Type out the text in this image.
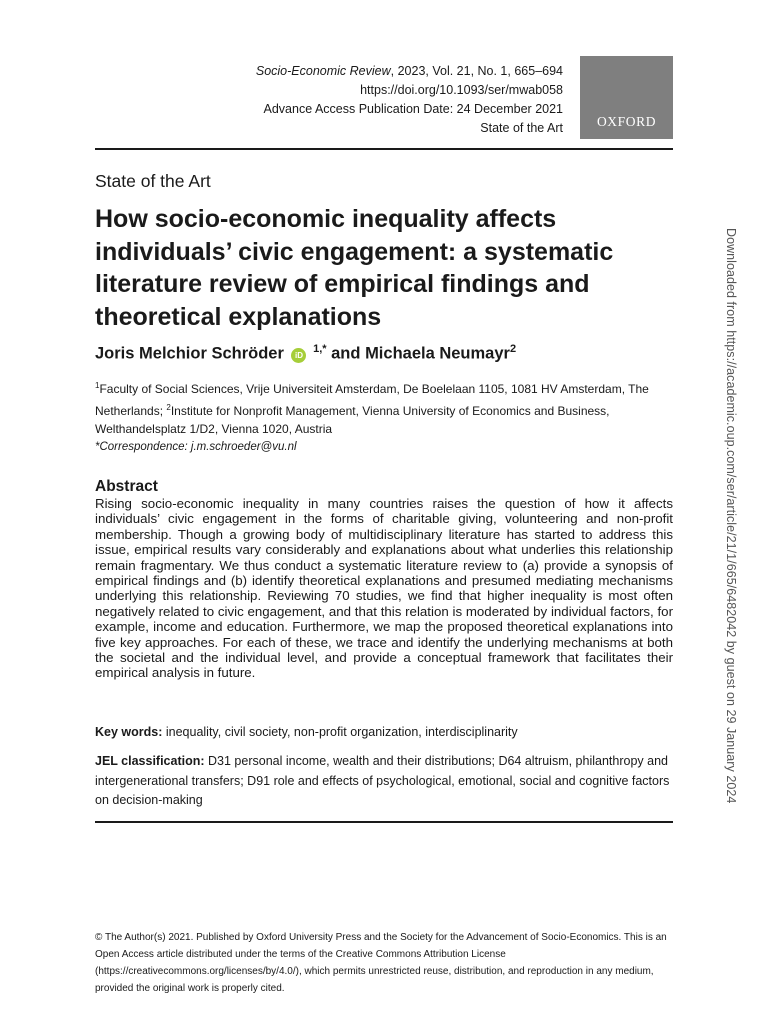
Socio-Economic Review, 2023, Vol. 21, No. 1, 665–694
https://doi.org/10.1093/ser/mwab058
Advance Access Publication Date: 24 December 2021
State of the Art	OXFORD
State of the Art
How socio-economic inequality affects individuals’ civic engagement: a systematic literature review of empirical findings and theoretical explanations
Joris Melchior Schröder iD $^{1,*}$ and Michaela Neumayr$^2$
$^1$Faculty of Social Sciences, Vrije Universiteit Amsterdam, De Boelelaan 1105, 1081 HV Amsterdam, The Netherlands; $^2$Institute for Nonprofit Management, Vienna University of Economics and Business, Welthandelsplatz 1/D2, Vienna 1020, Austria
*Correspondence: j.m.schroeder@vu.nl
Abstract

Rising socio-economic inequality in many countries raises the question of how it affects individuals’ civic engagement in the forms of charitable giving, volunteering and non-profit membership. Though a growing body of multidisciplinary literature has started to address this issue, empirical results vary considerably and explanations about what underlies this relationship remain fragmentary. We thus conduct a systematic literature review to (a) provide a synopsis of empirical findings and (b) identify theoretical explanations and presumed mediating mechanisms underlying this relationship. Reviewing 70 studies, we find that higher inequality is most often negatively related to civic engagement, and that this relation is moderated by individual factors, for example, income and education. Furthermore, we map the proposed theoretical explanations into five key approaches. For each of these, we trace and identify the underlying mechanisms at both the societal and the individual level, and provide a conceptual framework that facilitates their empirical analysis in future.

Key words: inequality, civil society, non-profit organization, interdisciplinarity
JEL classification: D31 personal income, wealth and their distributions; D64 altruism, philanthropy and intergenerational transfers; D91 role and effects of psychological, emotional, social and cognitive factors on decision-making	Downloaded from https://academic.oup.com/ser/article/21/1/665/6482042 by guest on 29 January 2024
© The Author(s) 2021. Published by Oxford University Press and the Society for the Advancement of Socio-Economics. This is an Open Access article distributed under the terms of the Creative Commons Attribution License (https://creativecommons.org/licenses/by/4.0/), which permits unrestricted reuse, distribution, and reproduction in any medium, provided the original work is properly cited.
